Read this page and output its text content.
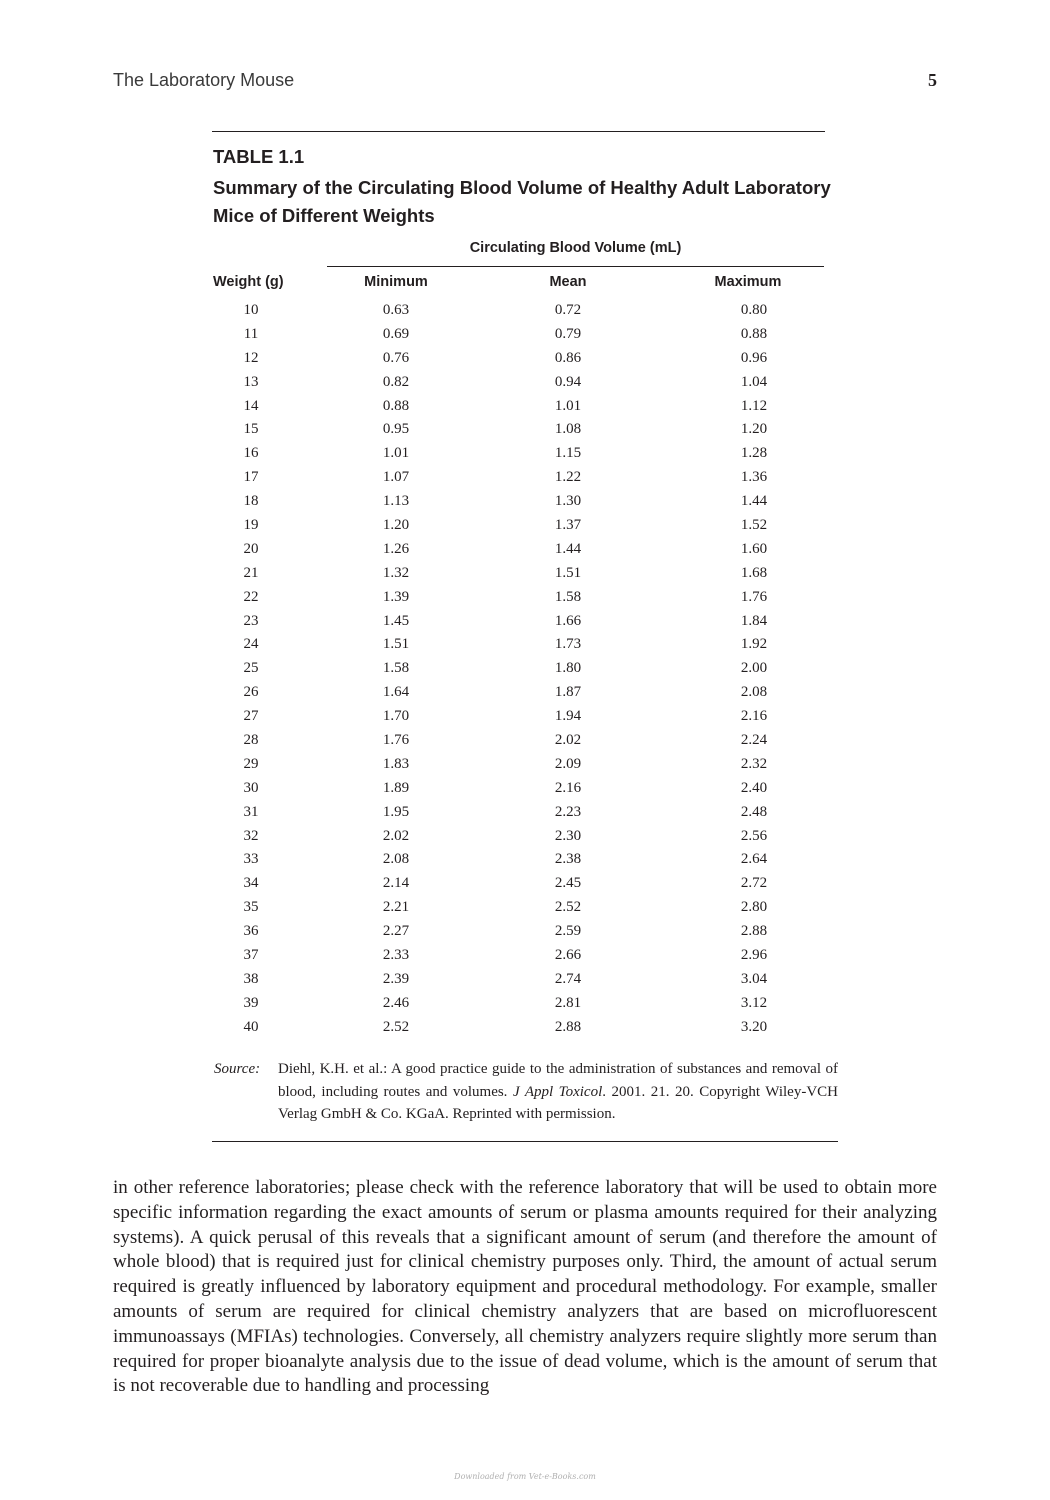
The Laboratory Mouse	5
TABLE 1.1
Summary of the Circulating Blood Volume of Healthy Adult Laboratory Mice of Different Weights
Circulating Blood Volume (mL)
Weight (g)	Minimum	Mean	Maximum
10	0.63	0.72	0.80
11	0.69	0.79	0.88
12	0.76	0.86	0.96
13	0.82	0.94	1.04
14	0.88	1.01	1.12
15	0.95	1.08	1.20
16	1.01	1.15	1.28
17	1.07	1.22	1.36
18	1.13	1.30	1.44
19	1.20	1.37	1.52
20	1.26	1.44	1.60
21	1.32	1.51	1.68
22	1.39	1.58	1.76
23	1.45	1.66	1.84
24	1.51	1.73	1.92
25	1.58	1.80	2.00
26	1.64	1.87	2.08
27	1.70	1.94	2.16
28	1.76	2.02	2.24
29	1.83	2.09	2.32
30	1.89	2.16	2.40
31	1.95	2.23	2.48
32	2.02	2.30	2.56
33	2.08	2.38	2.64
34	2.14	2.45	2.72
35	2.21	2.52	2.80
36	2.27	2.59	2.88
37	2.33	2.66	2.96
38	2.39	2.74	3.04
39	2.46	2.81	3.12
40	2.52	2.88	3.20
Source: Diehl, K.H. et al.: A good practice guide to the administration of substances and removal of blood, including routes and volumes. J Appl Toxicol. 2001. 21. 20. Copyright Wiley-VCH Verlag GmbH & Co. KGaA. Reprinted with permission.
in other reference laboratories; please check with the reference laboratory that will be used to obtain more specific information regarding the exact amounts of serum or plasma amounts required for their analyzing systems). A quick perusal of this reveals that a significant amount of serum (and therefore the amount of whole blood) that is required just for clinical chemistry purposes only. Third, the amount of actual serum required is greatly influenced by laboratory equipment and procedural methodology. For example, smaller amounts of serum are required for clinical chemistry analyzers that are based on microfluorescent immunoassays (MFIAs) technologies. Conversely, all chemistry analyzers require slightly more serum than required for proper bioanalyte analysis due to the issue of dead volume, which is the amount of serum that is not recoverable due to handling and processing
Downloaded from Vet-e-Books.com
